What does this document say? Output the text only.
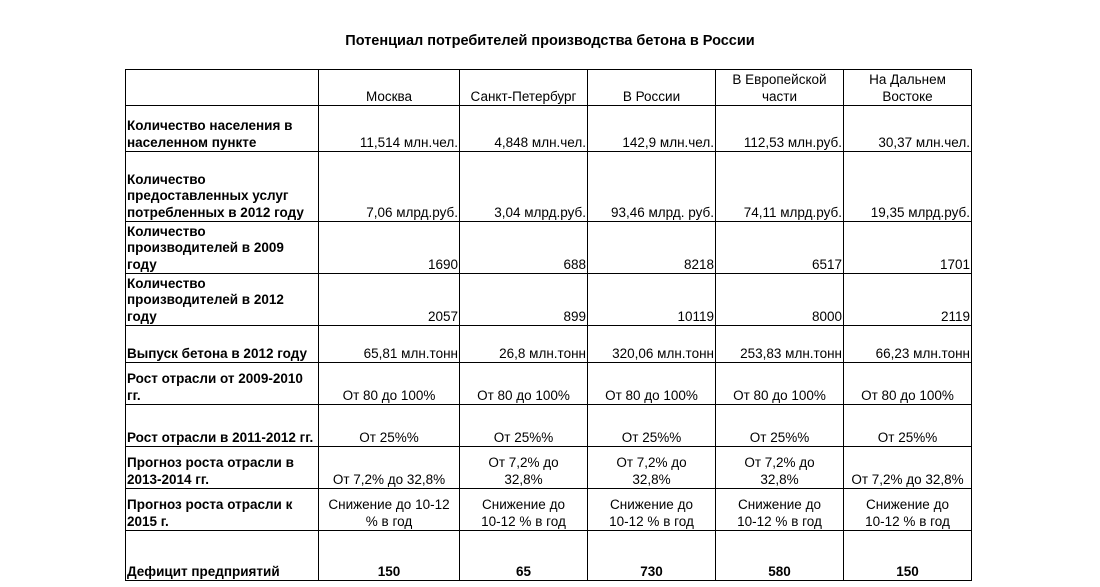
Потенциал потребителей производства бетона в России
	Москва	Санкт-Петербург	В России	В Европейской части	На Дальнем Востоке
Количество населения в населенном пункте	11,514 млн.чел.	4,848 млн.чел.	142,9 млн.чел.	112,53 млн.руб.	30,37 млн.чел.
Количество предоставленных услуг потребленных в 2012 году	7,06 млрд.руб.	3,04 млрд.руб.	93,46 млрд. руб.	74,11 млрд.руб.	19,35 млрд.руб.
Количество производителей в 2009 году	1690	688	8218	6517	1701
Количество производителей в 2012 году	2057	899	10119	8000	2119
Выпуск бетона в 2012 году	65,81 млн.тонн	26,8 млн.тонн	320,06 млн.тонн	253,83 млн.тонн	66,23 млн.тонн
Рост отрасли от 2009-2010 гг.	От 80 до 100%	От 80 до 100%	От 80 до 100%	От 80 до 100%	От 80 до 100%
Рост отрасли в 2011-2012 гг.	От 25%%	От 25%%	От 25%%	От 25%%	От 25%%
Прогноз роста отрасли в 2013-2014 гг.	От 7,2% до 32,8%	От 7,2% до 32,8%	От 7,2% до 32,8%	От 7,2% до 32,8%	От 7,2% до 32,8%
Прогноз роста отрасли к 2015 г.	Снижение до 10-12 % в год	Снижение до 10-12 % в год	Снижение до 10-12 % в год	Снижение до 10-12 % в год	Снижение до 10-12 % в год
Дефицит предприятий	150	65	730	580	150
